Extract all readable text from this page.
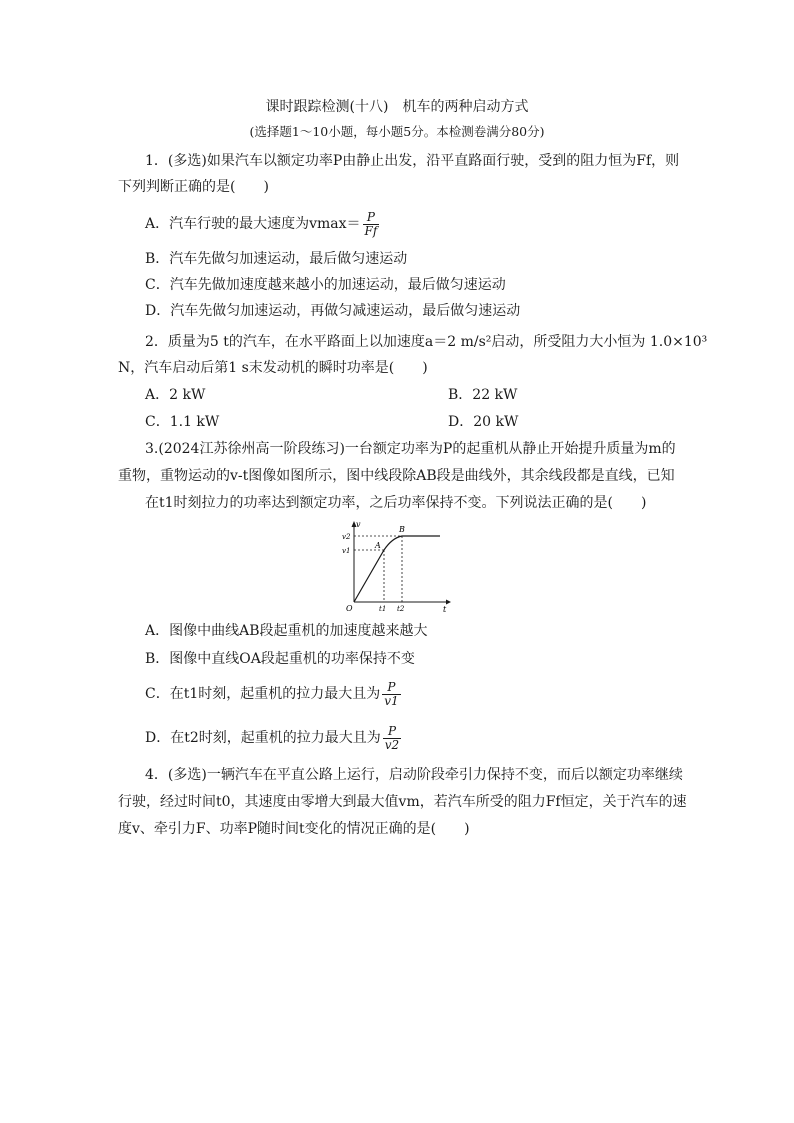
课时跟踪检测(十八)　机车的两种启动方式
(选择题1～10小题，每小题5分。本检测卷满分80分)
1．(多选)如果汽车以额定功率P由静止出发，沿平直路面行驶，受到的阻力恒为Ff，则
下列判断正确的是(　　)
A．汽车行驶的最大速度为$vmax= \frac{P}{Ff}$
B．汽车先做匀加速运动，最后做匀速运动
C．汽车先做加速度越来越小的加速运动，最后做匀速运动
D．汽车先做匀加速运动，再做匀减速运动，最后做匀速运动
2．质量为5 t的汽车，在水平路面上以加速度a＝2 m/s²启动，所受阻力大小恒为 1.0×10³
N，汽车启动后第1 s末发动机的瞬时功率是(　　)
A．2 kW	B．22 kW
C．1.1 kW	D．20 kW
3.(2024江苏徐州高一阶段练习)一台额定功率为P的起重机从静止开始提升质量为m的
重物，重物运动的v-t图像如图所示，图中线段除AB段是曲线外，其余线段都是直线，已知
在t1时刻拉力的功率达到额定功率，之后功率保持不变。下列说法正确的是(　　)
v
t
O
v1
v2
t1 t2
A
B
A．图像中曲线AB段起重机的加速度越来越大
B．图像中直线OA段起重机的功率保持不变
C．在t1时刻，起重机的拉力最大且为 $\frac{P}{v1}$
D．在t2时刻，起重机的拉力最大且为 $\frac{P}{v2}$
4．(多选)一辆汽车在平直公路上运行，启动阶段牵引力保持不变，而后以额定功率继续
行驶，经过时间t0，其速度由零增大到最大值vm，若汽车所受的阻力Ff恒定，关于汽车的速
度v、牵引力F、功率P随时间t变化的情况正确的是(　　)
